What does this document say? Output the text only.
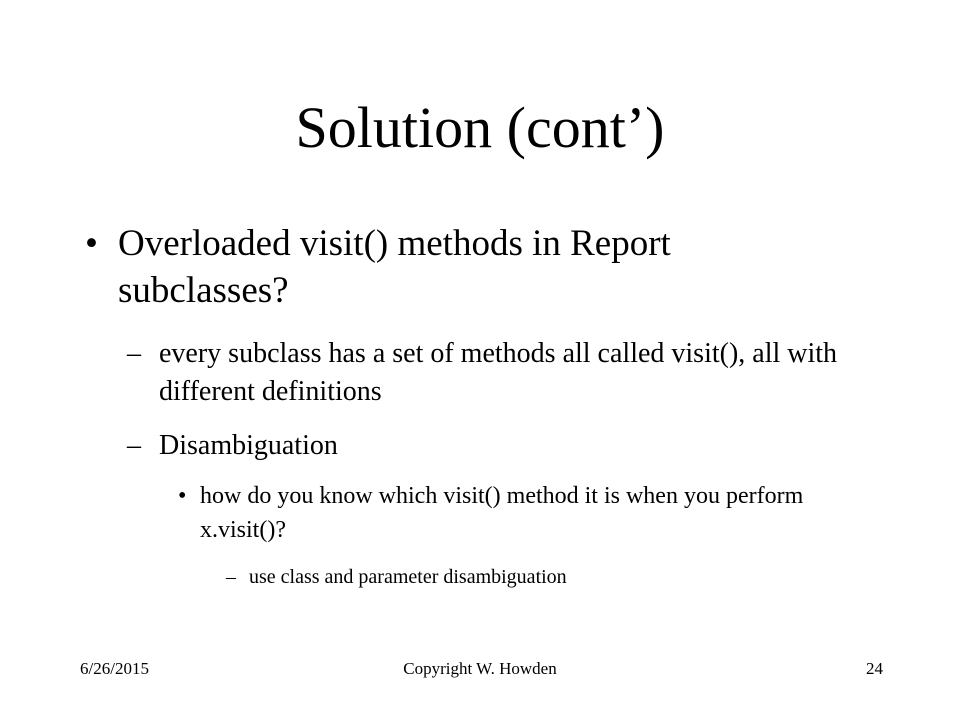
Solution (cont’)
• Overloaded visit() methods in Report subclasses?
– every subclass has a set of methods all called visit(), all with different definitions
– Disambiguation
• how do you know which visit() method it is when you perform x.visit()?
– use class and parameter disambiguation
6/26/2015	Copyright W. Howden	24
